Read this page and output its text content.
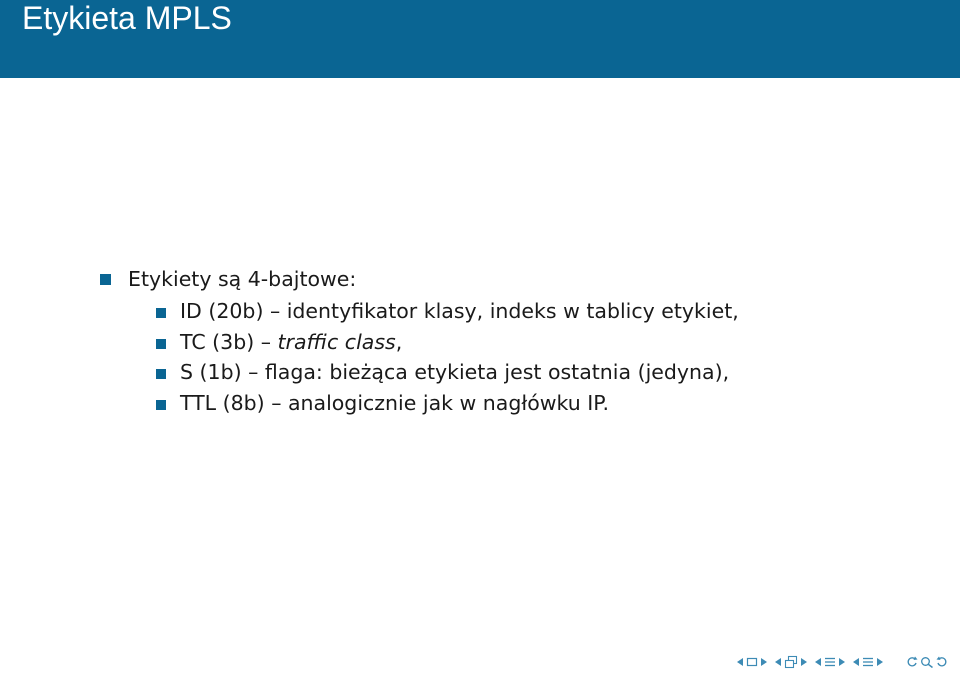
Etykieta MPLS
Etykiety są 4-bajtowe:
ID (20b) – identyfikator klasy, indeks w tablicy etykiet,
TC (3b) – traffic class,
S (1b) – flaga: bieżąca etykieta jest ostatnia (jedyna),
TTL (8b) – analogicznie jak w nagłówku IP.
